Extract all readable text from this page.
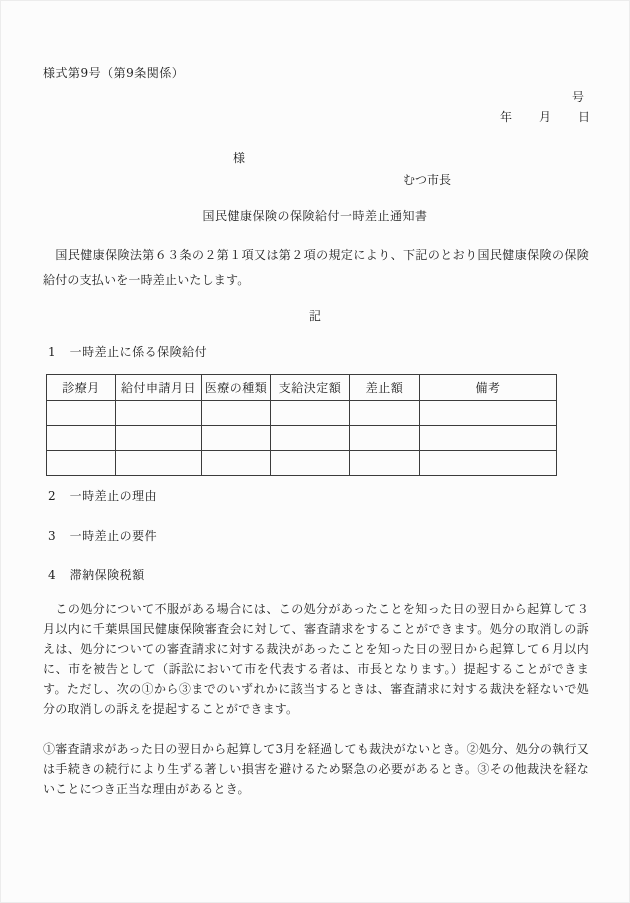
様式第9号（第9条関係）
号
年　　月　　日
様
むつ市長
国民健康保険の保険給付一時差止通知書
　国民健康保険法第６３条の２第１項又は第２項の規定により、下記のとおり国民健康保険の保険給付の支払いを一時差止いたします。
記
1 一時差止に係る保険給付
診療月	給付申請月日	医療の種類	支給決定額	差止額	備考

2 一時差止の理由
3 一時差止の要件
4 滞納保険税額
　この処分について不服がある場合には、この処分があったことを知った日の翌日から起算して３月以内に千葉県国民健康保険審査会に対して、審査請求をすることができます。処分の取消しの訴えは、処分についての審査請求に対する裁決があったことを知った日の翌日から起算して６月以内に、市を被告として（訴訟において市を代表する者は、市長となります。）提起することができます。ただし、次の①から③までのいずれかに該当するときは、審査請求に対する裁決を経ないで処分の取消しの訴えを提起することができます。
①審査請求があった日の翌日から起算して3月を経過しても裁決がないとき。②処分、処分の執行又は手続きの続行により生ずる著しい損害を避けるため緊急の必要があるとき。③その他裁決を経ないことにつき正当な理由があるとき。
